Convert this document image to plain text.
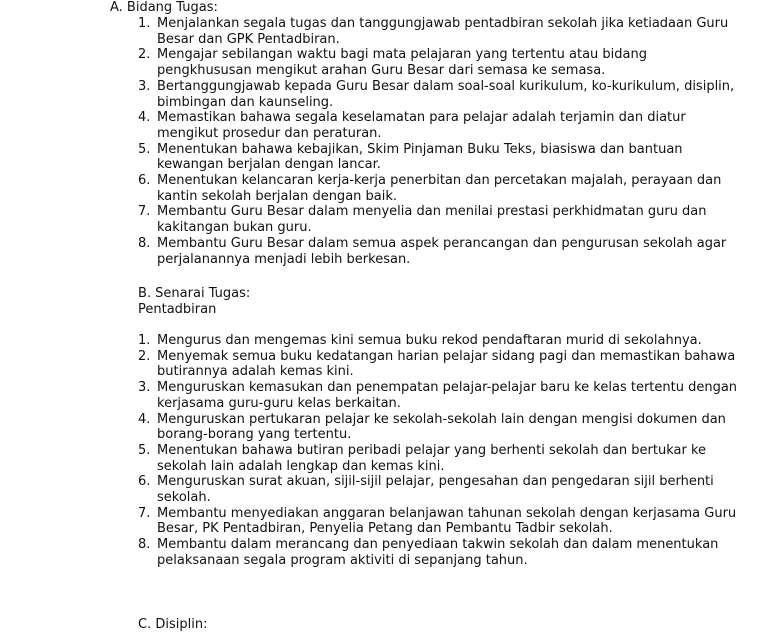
A. Bidang Tugas:
1. Menjalankan segala tugas dan tanggungjawab pentadbiran sekolah jika ketiadaan Guru Besar dan GPK Pentadbiran.
2. Mengajar sebilangan waktu bagi mata pelajaran yang tertentu atau bidang pengkhususan mengikut arahan Guru Besar dari semasa ke semasa.
3. Bertanggungjawab kepada Guru Besar dalam soal-soal kurikulum, ko-kurikulum, disiplin, bimbingan dan kaunseling.
4. Memastikan bahawa segala keselamatan para pelajar adalah terjamin dan diatur mengikut prosedur dan peraturan.
5. Menentukan bahawa kebajikan, Skim Pinjaman Buku Teks, biasiswa dan bantuan kewangan berjalan dengan lancar.
6. Menentukan kelancaran kerja-kerja penerbitan dan percetakan majalah, perayaan dan kantin sekolah berjalan dengan baik.
7. Membantu Guru Besar dalam menyelia dan menilai prestasi perkhidmatan guru dan kakitangan bukan guru.
8. Membantu Guru Besar dalam semua aspek perancangan dan pengurusan sekolah agar perjalanannya menjadi lebih berkesan.
B. Senarai Tugas:
Pentadbiran
1. Mengurus dan mengemas kini semua buku rekod pendaftaran murid di sekolahnya.
2. Menyemak semua buku kedatangan harian pelajar sidang pagi dan memastikan bahawa butirannya adalah kemas kini.
3. Menguruskan kemasukan dan penempatan pelajar-pelajar baru ke kelas tertentu dengan kerjasama guru-guru kelas berkaitan.
4. Menguruskan pertukaran pelajar ke sekolah-sekolah lain dengan mengisi dokumen dan borang-borang yang tertentu.
5. Menentukan bahawa butiran peribadi pelajar yang berhenti sekolah dan bertukar ke sekolah lain adalah lengkap dan kemas kini.
6. Menguruskan surat akuan, sijil-sijil pelajar, pengesahan dan pengedaran sijil berhenti sekolah.
7. Membantu menyediakan anggaran belanjawan tahunan sekolah dengan kerjasama Guru Besar, PK Pentadbiran, Penyelia Petang dan Pembantu Tadbir sekolah.
8. Membantu dalam merancang dan penyediaan takwin sekolah dan dalam menentukan pelaksanaan segala program aktiviti di sepanjang tahun.
C. Disiplin:
